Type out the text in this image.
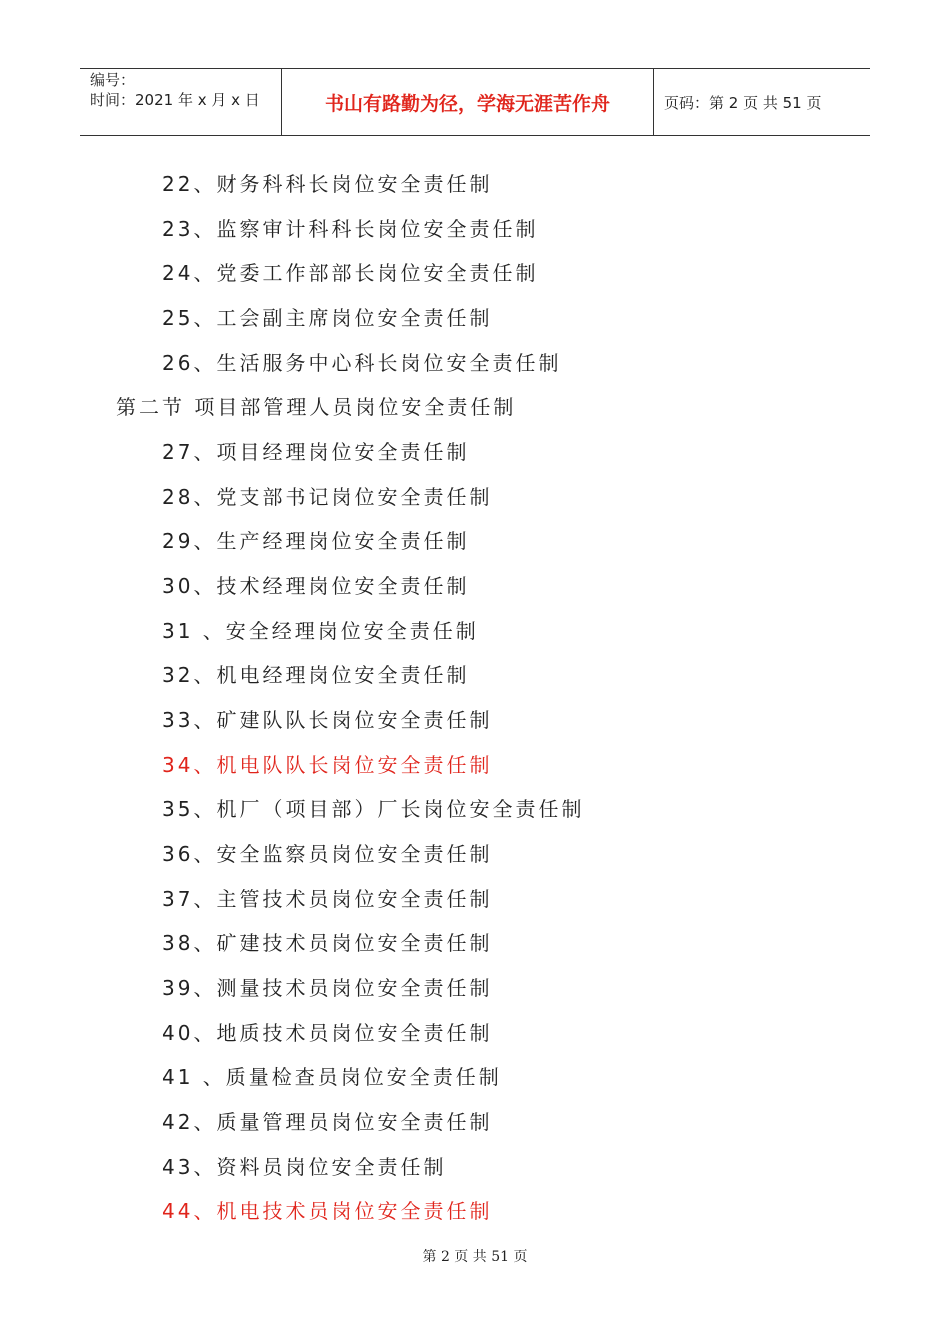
编号：
时间：2021 年 x 月 x 日	书山有路勤为径，学海无涯苦作舟	页码：第 2 页 共 51 页
22、财务科科长岗位安全责任制
23、监察审计科科长岗位安全责任制
24、党委工作部部长岗位安全责任制
25、工会副主席岗位安全责任制
26、生活服务中心科长岗位安全责任制
第二节 项目部管理人员岗位安全责任制
27、项目经理岗位安全责任制
28、党支部书记岗位安全责任制
29、生产经理岗位安全责任制
30、技术经理岗位安全责任制
31 、安全经理岗位安全责任制
32、机电经理岗位安全责任制
33、矿建队队长岗位安全责任制
34、机电队队长岗位安全责任制
35、机厂（项目部）厂长岗位安全责任制
36、安全监察员岗位安全责任制
37、主管技术员岗位安全责任制
38、矿建技术员岗位安全责任制
39、测量技术员岗位安全责任制
40、地质技术员岗位安全责任制
41 、质量检查员岗位安全责任制
42、质量管理员岗位安全责任制
43、资料员岗位安全责任制
44、机电技术员岗位安全责任制
第 2 页 共 51 页
